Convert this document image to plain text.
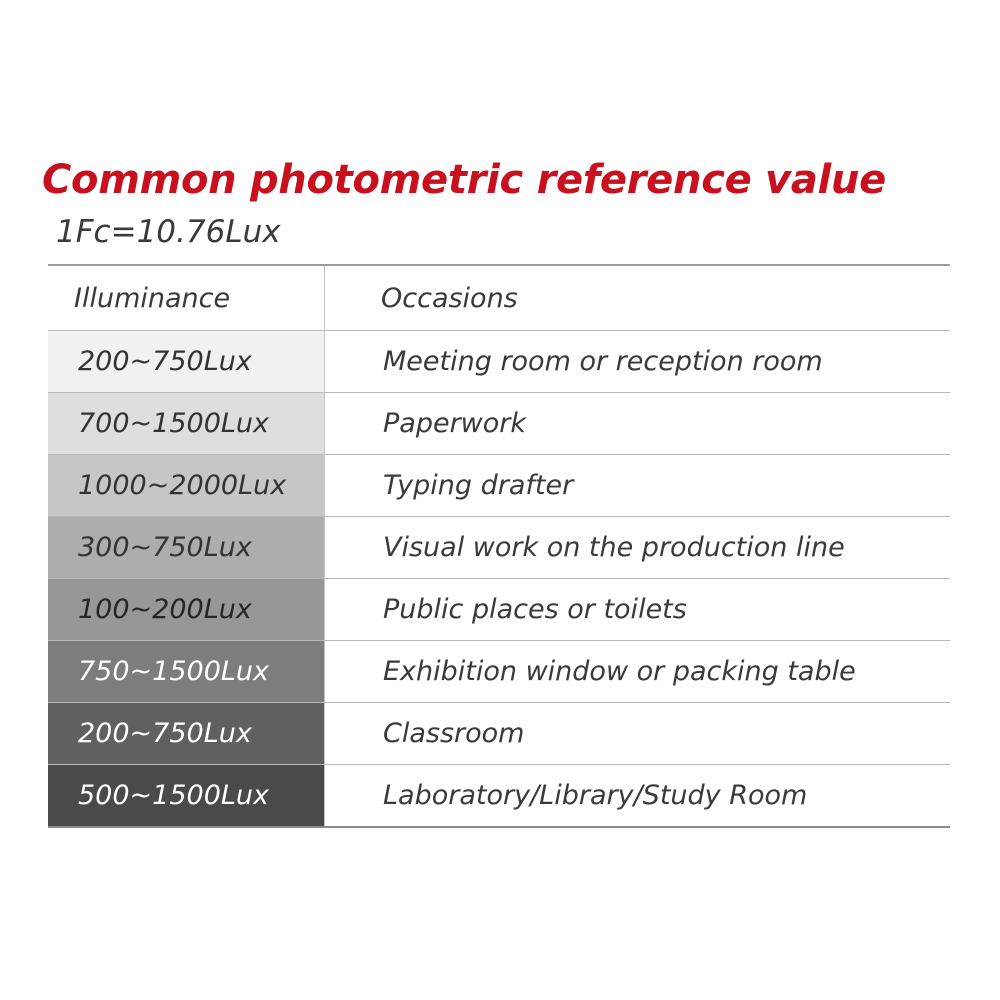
Common photometric reference value
1Fc=10.76Lux
Illuminance	Occasions
200~750Lux	Meeting room or reception room
700~1500Lux	Paperwork
1000~2000Lux	Typing drafter
300~750Lux	Visual work on the production line
100~200Lux	Public places or toilets
750~1500Lux	Exhibition window or packing table
200~750Lux	Classroom
500~1500Lux	Laboratory/Library/Study Room
